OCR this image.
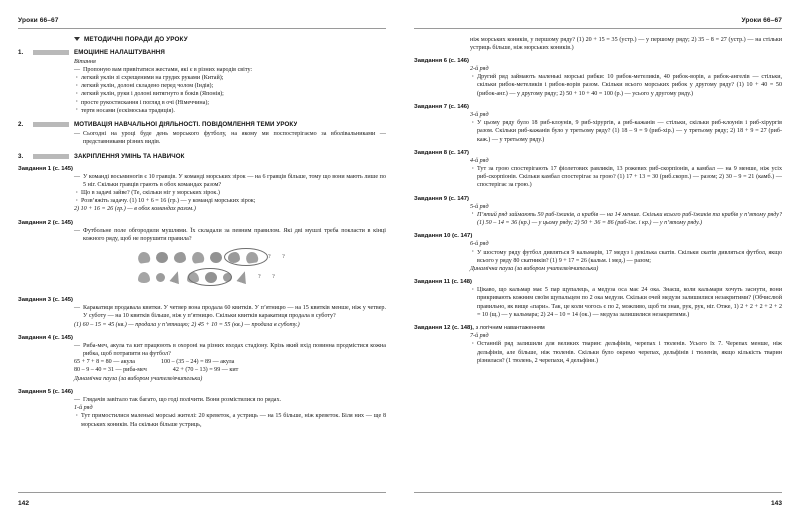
Уроки 66–67
МЕТОДИЧНІ ПОРАДИ ДО УРОКУ
1.	ЕМОЦІЙНЕ НАЛАШТУВАННЯ
Вітання
— Пропоную вам привітатися жестами, які є в різних народів світу:
· легкий уклін зі схрещеними на грудях руками (Китай);
· легкий уклін, долоні складено перед чолом (Індія);
· легкий уклін, руки і долоні витягнуто в боків (Японія);
· просте рукостискання і погляд в очі (Німеччина);
· тертя носами (ескімоська традиція).
2.	МОТИВАЦІЯ НАВЧАЛЬНОЇ ДІЯЛЬНОСТІ. ПОВІДОМЛЕННЯ ТЕМИ УРОКУ
— Сьогодні на уроці буде день морського футболу, на якому ми поспостерігаємо за вболівальниками — представниками різних видів.
3.	ЗАКРІПЛЕННЯ УМІНЬ ТА НАВИЧОК
Завдання 1 (с. 145)
— У команді восьминогів є 10 гравців. У команді морських зірок — на 6 гравців більше, тому що вони мають лише по 5 ніг. Скільки гравців грають в обох командах разом?
· Що в задачі зайве? (Те, скільки ніг у морських зірок.)
· Розв’яжіть задачу. (1) 10 + 6 = 16 (гр.) — у команді морських зірок;
2) 10 + 16 = 26 (гр.) — в обох командах разом.)
Завдання 2 (с. 145)
— Футбольне поле обгородили мушлями. Їх складали за певним правилом. Які дві мушлі треба покласти в кінці кожного ряду, щоб не порушити правила?
? ?
? ?
Завдання 3 (с. 145)
— Каракатиця продавала квитки. У четвер вона продала 60 квитків. У п’ятницю — на 15 квитків менше, ніж у четвер. У суботу — на 10 квитків більше, ніж у п’ятницю. Скільки квитків каракатиця продала в суботу?
(1) 60 – 15 = 45 (кв.) — продала у п’ятницю; 2) 45 + 10 = 55 (кв.) — продала в суботу.)
Завдання 4 (с. 145)
— Риба-меч, акула та кит працюють в охороні на різних входах стадіону. Крізь який вхід повинна продмістися кожна рибка, щоб потрапити на футбол?
65 + 7 + 8 = 80 — акула	100 – (35 – 24) = 89 — акула
80 – 9 – 40 = 31 — риба-меч	42 + (70 – 13) = 99 — кит
Динамічна пауза (за вибором учителя/вчительки)
Завдання 5 (с. 146)
— Глядачів завітало так багато, що годі полічити. Вони розмістилися по рядах.
1-й ряд
· Тут примостилися маленькі морські жителі: 20 креветок, а устриць — на 15 більше, ніж креветок. Біля них — ще 8 морських коників. На скільки більше устриць,
142
Уроки 66–67
ніж морських коників, у першому ряду? (1) 20 + 15 = 35 (устр.) — у першому ряду; 2) 35 – 8 = 27 (устр.) — на стільки устриць більше, ніж морських коників.)
Завдання 6 (с. 146)
2-й ряд
· Другий ряд займають маленькі морські рибки: 10 рибок-метеликів, 40 рибок-ворів, а рибок-ангелів — стільки, скільки рибок-метеликів і рибок-ворів разом. Скільки всього морських рибок у другому ряду? (1) 10 + 40 = 50 (рибок-анг.) — у другому ряду; 2) 50 + 10 + 40 = 100 (р.) — усього у другому ряду.)
Завдання 7 (с. 146)
3-й ряд
· У цьому ряду було 18 риб-клоунів, 9 риб-хірургів, а риб-кажанів — стільки, скільки риб-клоунів і риб-хірургів разом. Скільки риб-кажанів було у третьому ряду? (1) 18 – 9 = 9 (риб-хір.) — у третьому ряду; 2) 18 + 9 = 27 (риб-каж.) — у третьому ряду.)
Завдання 8 (с. 147)
4-й ряд
· Тут за грою спостерігають 17 фіолетових равликів, 13 рожевих риб-скорпіонів, а камбал — на 9 менше, ніж усіх риб-скорпіонів. Скільки камбал спостерігає за грою? (1) 17 + 13 = 30 (риб.скорп.) — разом; 2) 30 – 9 = 21 (камб.) — спостерігає за грою.)
Завдання 9 (с. 147)
5-й ряд
· П’ятий ряд займають 50 риб-їжаків, а крабів — на 14 менше. Скільки всього риб-їжаків та крабів у п’ятому ряду? (1) 50 – 14 = 36 (кр.) — у цьому ряду; 2) 50 + 36 = 86 (риб-їж. і кр.) — у п’ятому ряду.)
Завдання 10 (с. 147)
6-й ряд
· У шостому ряду футбол дивляться 9 кальмарів, 17 медуз і декілька скатів. Скільки скатів дивляться футбол, якщо всього у ряду 80 скатників? (1) 9 + 17 = 26 (кальм. і мед.) — разом;
Динамічна пауза (за вибором учителя/вчительки)
Завдання 11 (с. 148)
· Цікаво, що кальмар має 5 пар щупалець, а медуза оса має 24 ока. Знаєш, коли кальмари хочуть заснути, вони прикривають кожним своїм щупальцем по 2 ока медузи. Скільки очей медузи залишилися незакритими? (Обчислюй правильно, як вище «пари». Так, це коли чогось є по 2, можливо, щоб ти знав, рук, рук, ніг. Отже, 1) 2 + 2 + 2 + 2 + 2 = 10 (щ.) — у кальмара; 2) 24 – 10 = 14 (ок.) — медуза залишилися незакритими.)
Завдання 12 (с. 148), з логічним навантаженням
7-й ряд
· Останній ряд залишили для великих тварин: дельфінів, черепах і тюленів. Усього їх 7. Черепах менше, ніж дельфінів, але більше, ніж тюленів. Скільки було окремо черепах, дельфінів і тюленів, якщо кількість тварин різнилася? (1 тюлень, 2 черепахи, 4 дельфіни.)
143
